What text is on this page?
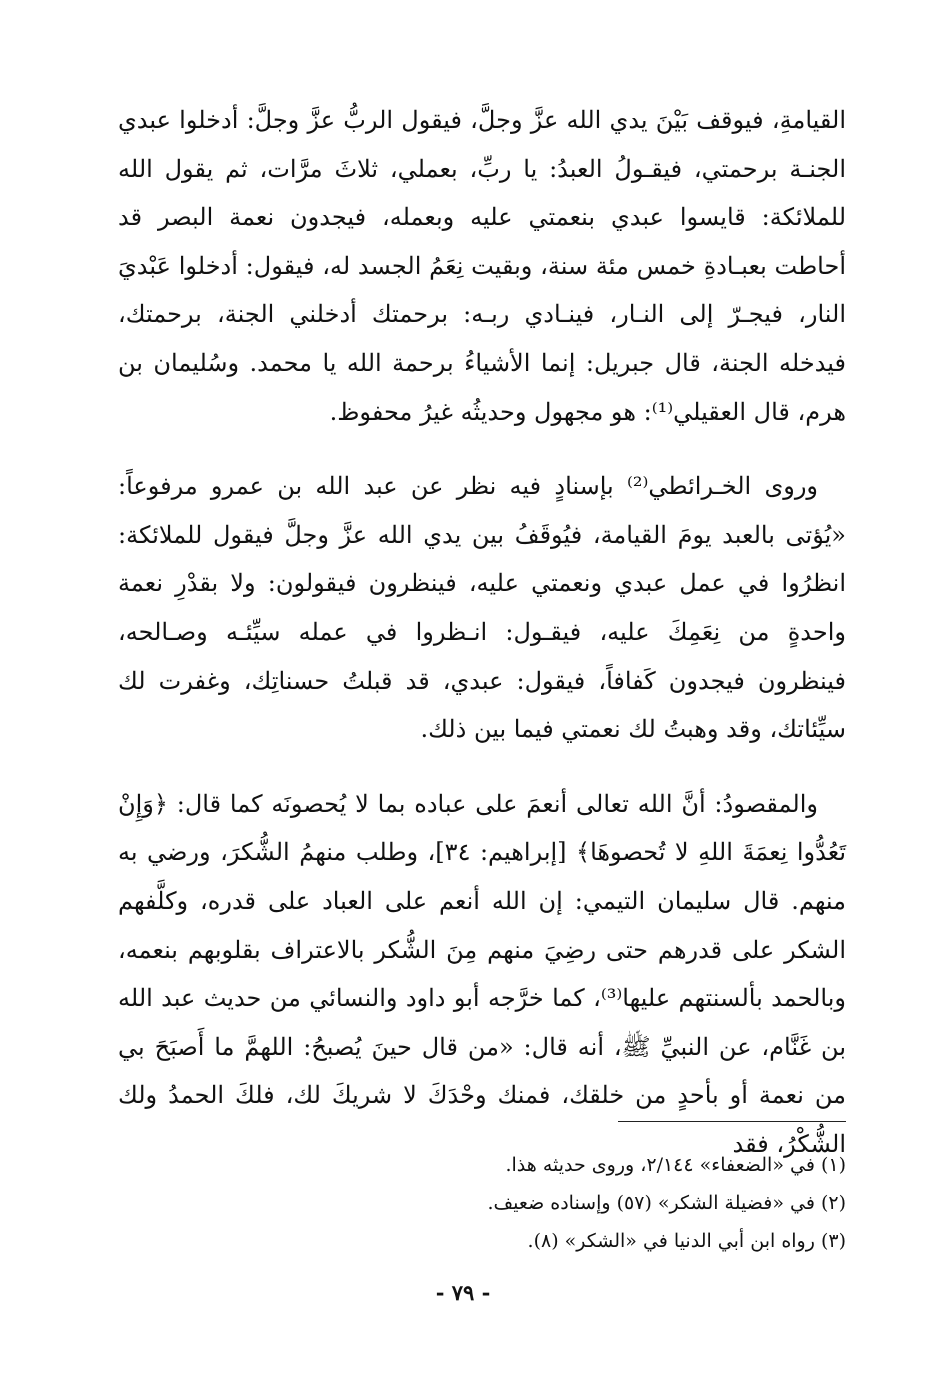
القيامةِ، فيوقف بَيْنَ يدي الله عزَّ وجلَّ، فيقول الربُّ عزَّ وجلَّ: أدخلوا عبدي الجنـة برحمتي، فيقـولُ العبدُ: يا ربِّ، بعملي، ثلاثَ مرَّات، ثم يقول الله للملائكة: قايسوا عبدي بنعمتي عليه وبعمله، فيجدون نعمة البصر قد أحاطت بعبـادةِ خمس مئة سنة، وبقيت نِعَمُ الجسد له، فيقول: أدخلوا عَبْديَ النار، فيجـرّ إلى النـار، فينـادي ربـه: برحمتك أدخلني الجنة، برحمتك، فيدخله الجنة، قال جبريل: إنما الأشياءُ برحمة الله يا محمد. وسُليمان بن هرم، قال العقيلي⁽¹⁾: هو مجهول وحديثُه غيرُ محفوظ.

وروى الخـرائطي⁽²⁾ بإسنادٍ فيه نظر عن عبد الله بن عمرو مرفوعاً: «يُؤتى بالعبد يومَ القيامة، فيُوقَفُ بين يدي الله عزَّ وجلَّ فيقول للملائكة: انظرُوا في عمل عبدي ونعمتي عليه، فينظرون فيقولون: ولا بقدْرِ نعمة واحدةٍ من نِعَمِكَ عليه، فيقـول: انـظروا في عمله سيِّئـه وصـالحه، فينظرون فيجدون كَفافاً، فيقول: عبدي، قد قبلتُ حسناتِك، وغفرت لك سيِّئاتك، وقد وهبتُ لك نعمتي فيما بين ذلك.

والمقصودُ: أنَّ الله تعالى أنعمَ على عباده بما لا يُحصونَه كما قال: ﴿وَإِنْ تَعُدُّوا نِعمَةَ اللهِ لا تُحصوهَا﴾ [إبراهيم: ٣٤]، وطلب منهمُ الشُّكرَ، ورضي به منهم. قال سليمان التيمي: إن الله أنعم على العباد على قدره، وكلَّفهم الشكر على قدرهم حتى رضِيَ منهم مِنَ الشُّكر بالاعتراف بقلوبهم بنعمه، وبالحمد بألسنتهم عليها⁽³⁾، كما خرَّجه أبو داود والنسائي من حديث عبد الله بن غَنَّام، عن النبيِّ ﷺ، أنه قال: «من قال حينَ يُصبحُ: اللهمَّ ما أَصبَحَ بي من نعمة أو بأحدٍ من خلقك، فمنك وحْدَكَ لا شريكَ لك، فلكَ الحمدُ ولك الشُّكْرُ، فقد

(١) في «الضعفاء» ٢/١٤٤، وروى حديثه هذا.
(٢) في «فضيلة الشكر» (٥٧) وإسناده ضعيف.
(٣) رواه ابن أبي الدنيا في «الشكر» (٨).
- ٧٩ -
